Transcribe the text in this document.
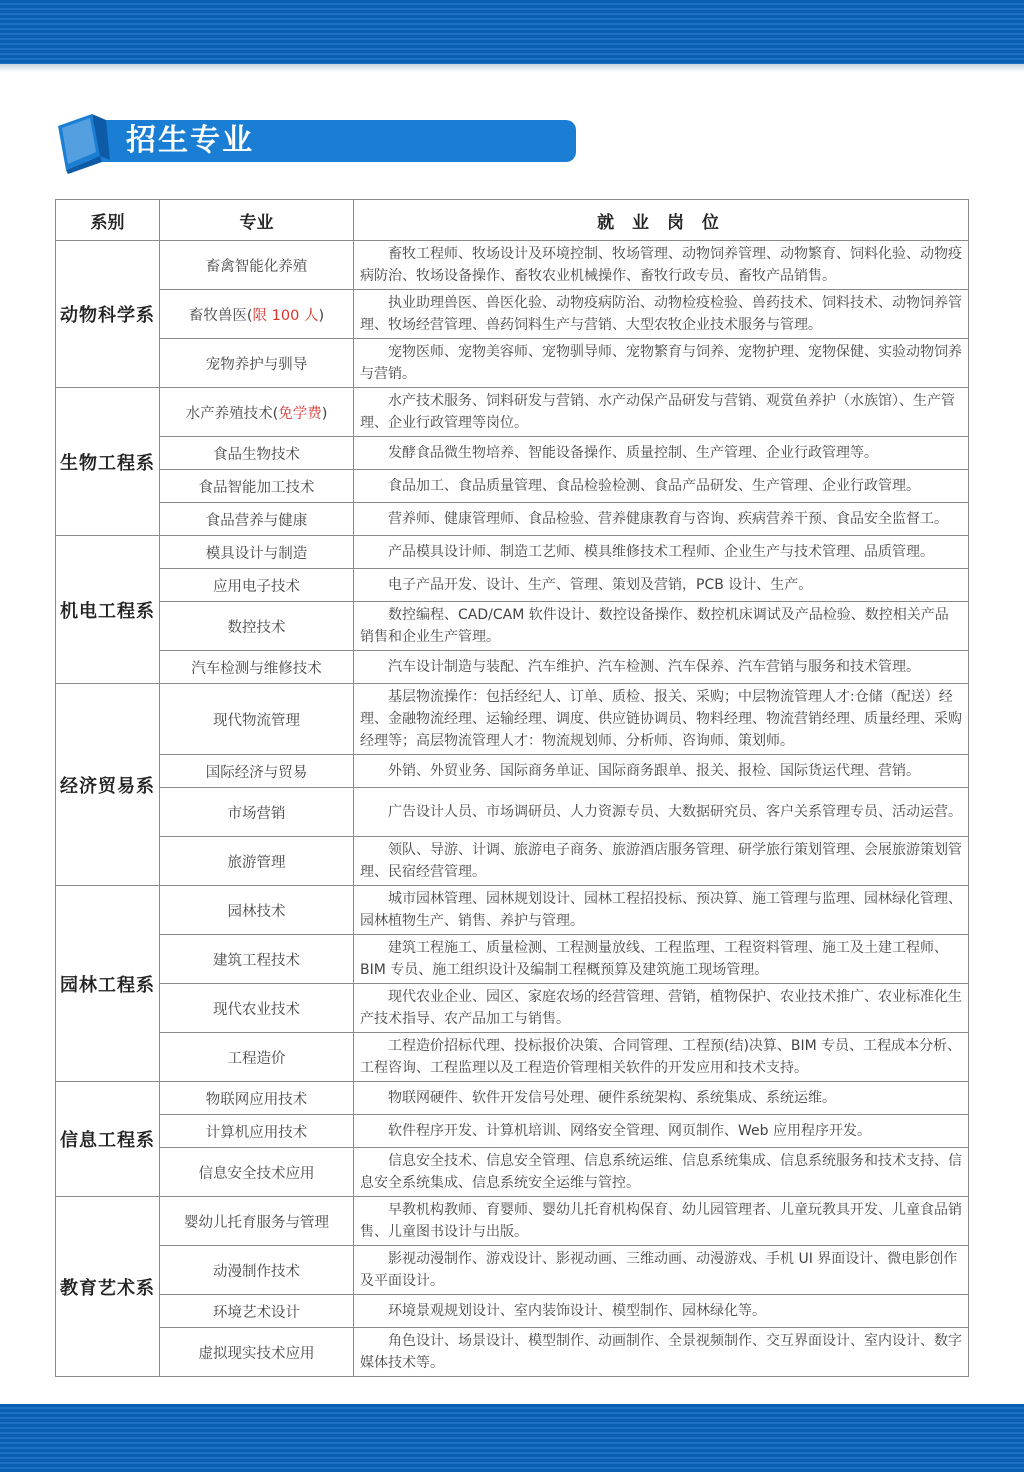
招生专业
系别	专业	就 业 岗 位
动物科学系	畜禽智能化养殖	畜牧工程师、牧场设计及环境控制、牧场管理、动物饲养管理、动物繁育、饲料化验、动物疫病防治、牧场设备操作、畜牧农业机械操作、畜牧行政专员、畜牧产品销售。
	畜牧兽医(限 100 人)	执业助理兽医、兽医化验、动物疫病防治、动物检疫检验、兽药技术、饲料技术、动物饲养管理、牧场经营管理、兽药饲料生产与营销、大型农牧企业技术服务与管理。
	宠物养护与驯导	宠物医师、宠物美容师、宠物驯导师、宠物繁育与饲养、宠物护理、宠物保健、实验动物饲养与营销。
生物工程系	水产养殖技术(免学费)	水产技术服务、饲料研发与营销、水产动保产品研发与营销、观赏鱼养护（水族馆）、生产管理、企业行政管理等岗位。
	食品生物技术	发酵食品微生物培养、智能设备操作、质量控制、生产管理、企业行政管理等。
	食品智能加工技术	食品加工、食品质量管理、食品检验检测、食品产品研发、生产管理、企业行政管理。
	食品营养与健康	营养师、健康管理师、食品检验、营养健康教育与咨询、疾病营养干预、食品安全监督工。
机电工程系	模具设计与制造	产品模具设计师、制造工艺师、模具维修技术工程师、企业生产与技术管理、品质管理。
	应用电子技术	电子产品开发、设计、生产、管理、策划及营销，PCB 设计、生产。
	数控技术	数控编程、CAD/CAM 软件设计、数控设备操作、数控机床调试及产品检验、数控相关产品销售和企业生产管理。
	汽车检测与维修技术	汽车设计制造与装配、汽车维护、汽车检测、汽车保养、汽车营销与服务和技术管理。
经济贸易系	现代物流管理	基层物流操作：包括经纪人、订单、质检、报关、采购；中层物流管理人才:仓储（配送）经理、金融物流经理、运输经理、调度、供应链协调员、物料经理、物流营销经理、质量经理、采购经理等；高层物流管理人才：物流规划师、分析师、咨询师、策划师。
	国际经济与贸易	外销、外贸业务、国际商务单证、国际商务跟单、报关、报检、国际货运代理、营销。
	市场营销	广告设计人员、市场调研员、人力资源专员、大数据研究员、客户关系管理专员、活动运营。
	旅游管理	领队、导游、计调、旅游电子商务、旅游酒店服务管理、研学旅行策划管理、会展旅游策划管理、民宿经营管理。
园林工程系	园林技术	城市园林管理、园林规划设计、园林工程招投标、预决算、施工管理与监理、园林绿化管理、园林植物生产、销售、养护与管理。
	建筑工程技术	建筑工程施工、质量检测、工程测量放线、工程监理、工程资料管理、施工及土建工程师、BIM 专员、施工组织设计及编制工程概预算及建筑施工现场管理。
	现代农业技术	现代农业企业、园区、家庭农场的经营管理、营销，植物保护、农业技术推广、农业标准化生产技术指导、农产品加工与销售。
	工程造价	工程造价招标代理、投标报价决策、合同管理、工程预(结)决算、BIM 专员、工程成本分析、工程咨询、工程监理以及工程造价管理相关软件的开发应用和技术支持。
信息工程系	物联网应用技术	物联网硬件、软件开发信号处理、硬件系统架构、系统集成、系统运维。
	计算机应用技术	软件程序开发、计算机培训、网络安全管理、网页制作、Web 应用程序开发。
	信息安全技术应用	信息安全技术、信息安全管理、信息系统运维、信息系统集成、信息系统服务和技术支持、信息安全系统集成、信息系统安全运维与管控。
教育艺术系	婴幼儿托育服务与管理	早教机构教师、育婴师、婴幼儿托育机构保育、幼儿园管理者、儿童玩教具开发、儿童食品销售、儿童图书设计与出版。
	动漫制作技术	影视动漫制作、游戏设计、影视动画、三维动画、动漫游戏、手机 UI 界面设计、微电影创作及平面设计。
	环境艺术设计	环境景观规划设计、室内装饰设计、模型制作、园林绿化等。
	虚拟现实技术应用	角色设计、场景设计、模型制作、动画制作、全景视频制作、交互界面设计、室内设计、数字媒体技术等。
